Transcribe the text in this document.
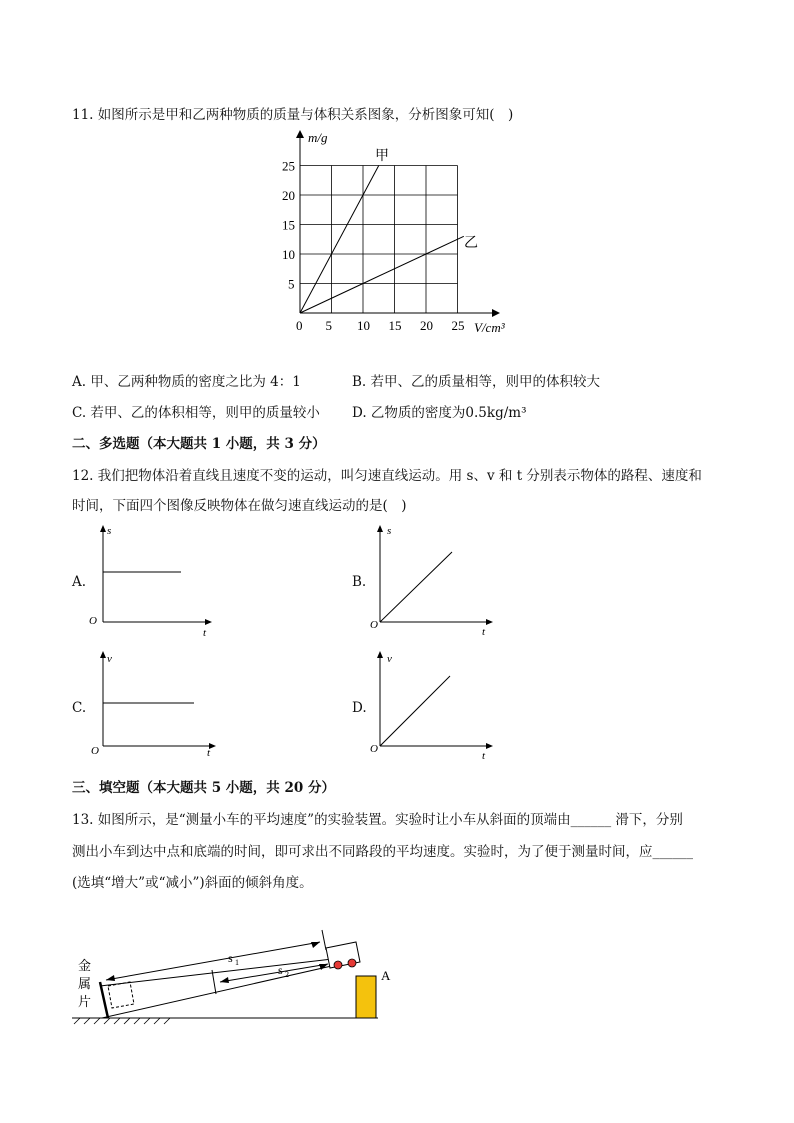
11. 如图所示是甲和乙两种物质的质量与体积关系图象，分析图象可知(　)
0 5 10 15 20 25
5
10
15
20
25
m/g
V/cm³
甲
乙
A. 甲、乙两种物质的密度之比为 4：1	B. 若甲、乙的质量相等，则甲的体积较大
C. 若甲、乙的体积相等，则甲的质量较小 D. 乙物质的密度为0.5kg/m³
二、多选题（本大题共 1 小题，共 3 分）
12. 我们把物体沿着直线且速度不变的运动，叫匀速直线运动。用 s、v 和 t 分别表示物体的路程、速度和
时间，下面四个图像反映物体在做匀速直线运动的是(　)
A.
s
t
O
B.
s
t
O
C.
v
t
O
D.
v
t
O
三、填空题（本大题共 5 小题，共 20 分）
13. 如图所示，是“测量小车的平均速度”的实验装置。实验时让小车从斜面的顶端由______ 滑下，分别
测出小车到达中点和底端的时间，即可求出不同路段的平均速度。实验时，为了便于测量时间，应______
(选填“增大”或“减小”)斜面的倾斜角度。
s 1
s 2
金
属
片
A
